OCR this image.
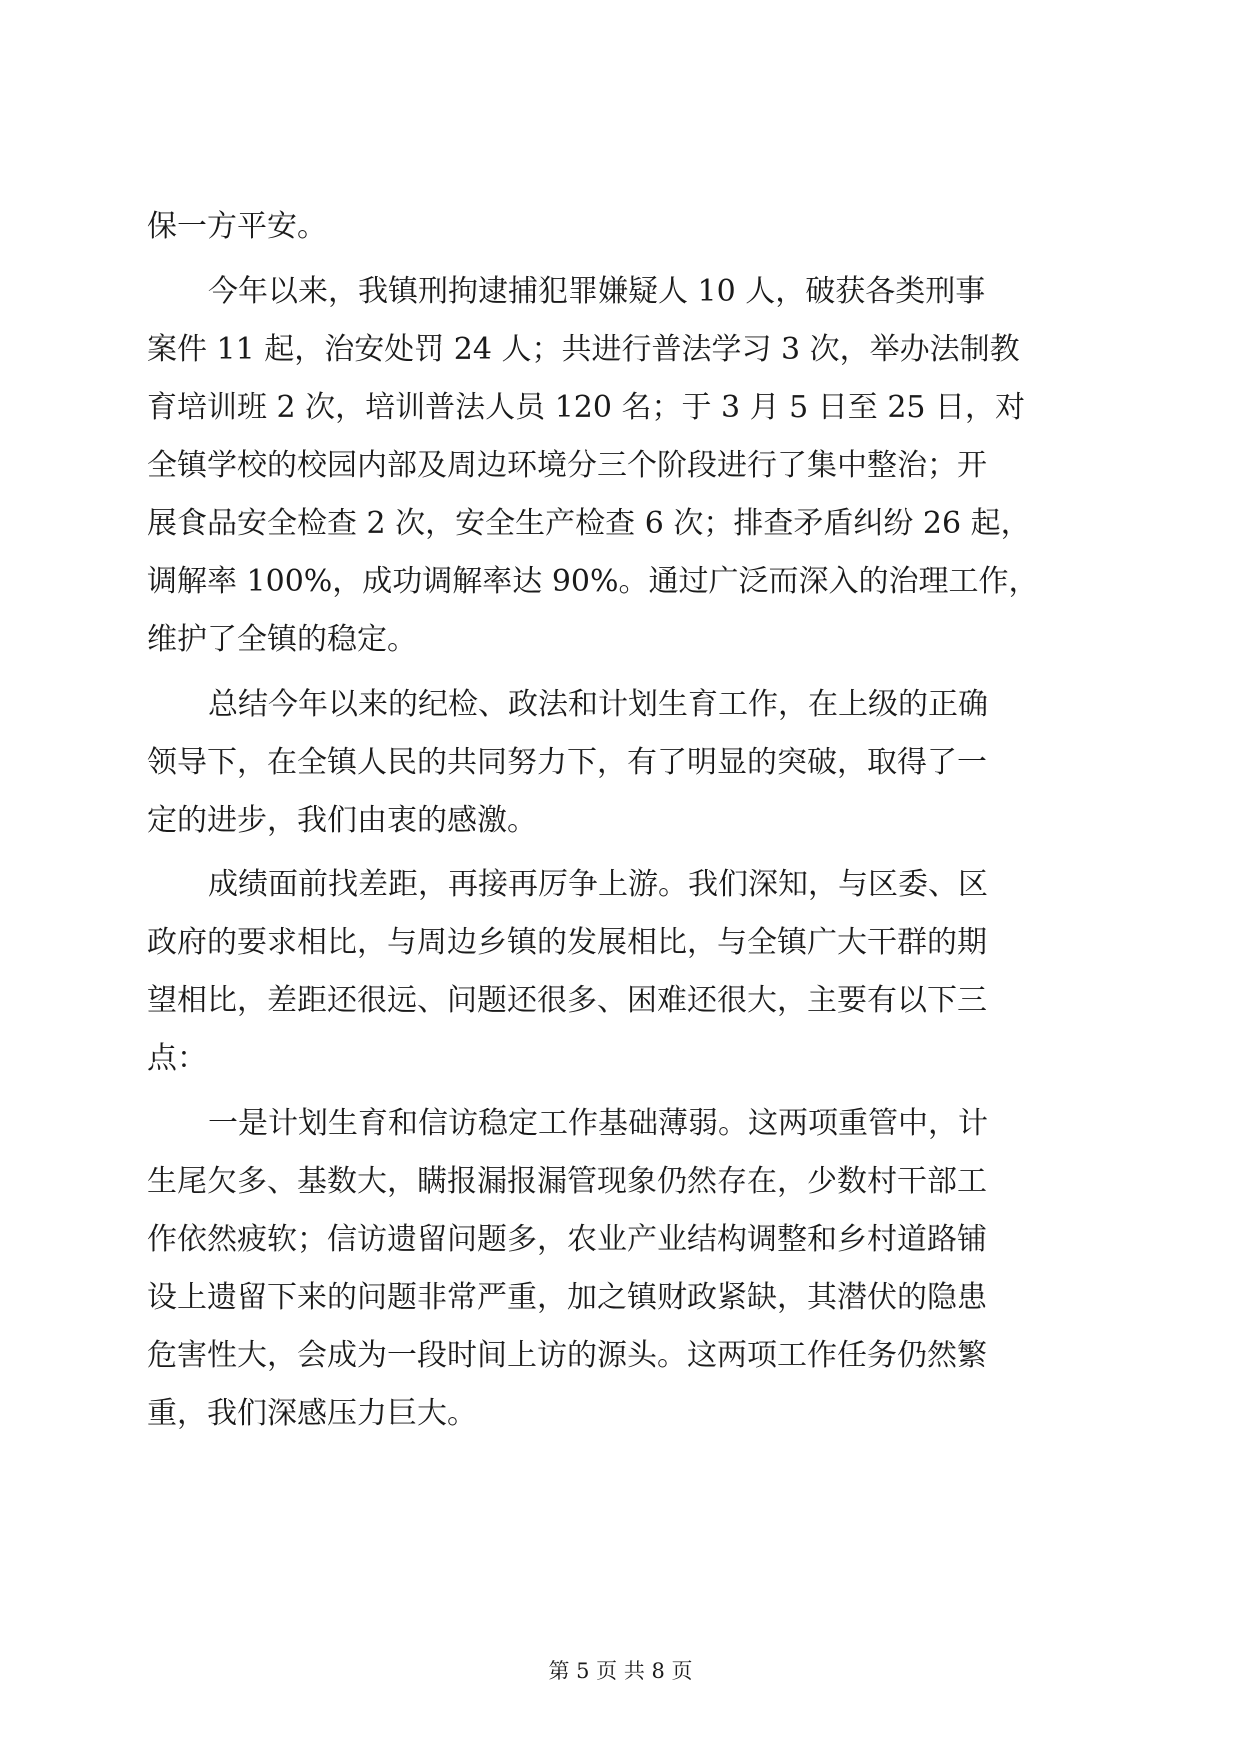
保一方平安。
今年以来，我镇刑拘逮捕犯罪嫌疑人 10 人，破获各类刑事
案件 11 起，治安处罚 24 人；共进行普法学习 3 次，举办法制教
育培训班 2 次，培训普法人员 120 名；于 3 月 5 日至 25 日，对
全镇学校的校园内部及周边环境分三个阶段进行了集中整治；开
展食品安全检查 2 次，安全生产检查 6 次；排查矛盾纠纷 26 起，
调解率 100%，成功调解率达 90%。通过广泛而深入的治理工作，
维护了全镇的稳定。
总结今年以来的纪检、政法和计划生育工作，在上级的正确
领导下，在全镇人民的共同努力下，有了明显的突破，取得了一
定的进步，我们由衷的感激。
成绩面前找差距，再接再厉争上游。我们深知，与区委、区
政府的要求相比，与周边乡镇的发展相比，与全镇广大干群的期
望相比，差距还很远、问题还很多、困难还很大，主要有以下三
点：
一是计划生育和信访稳定工作基础薄弱。这两项重管中，计
生尾欠多、基数大，瞒报漏报漏管现象仍然存在，少数村干部工
作依然疲软；信访遗留问题多，农业产业结构调整和乡村道路铺
设上遗留下来的问题非常严重，加之镇财政紧缺，其潜伏的隐患
危害性大，会成为一段时间上访的源头。这两项工作任务仍然繁
重，我们深感压力巨大。
第 5 页 共 8 页
